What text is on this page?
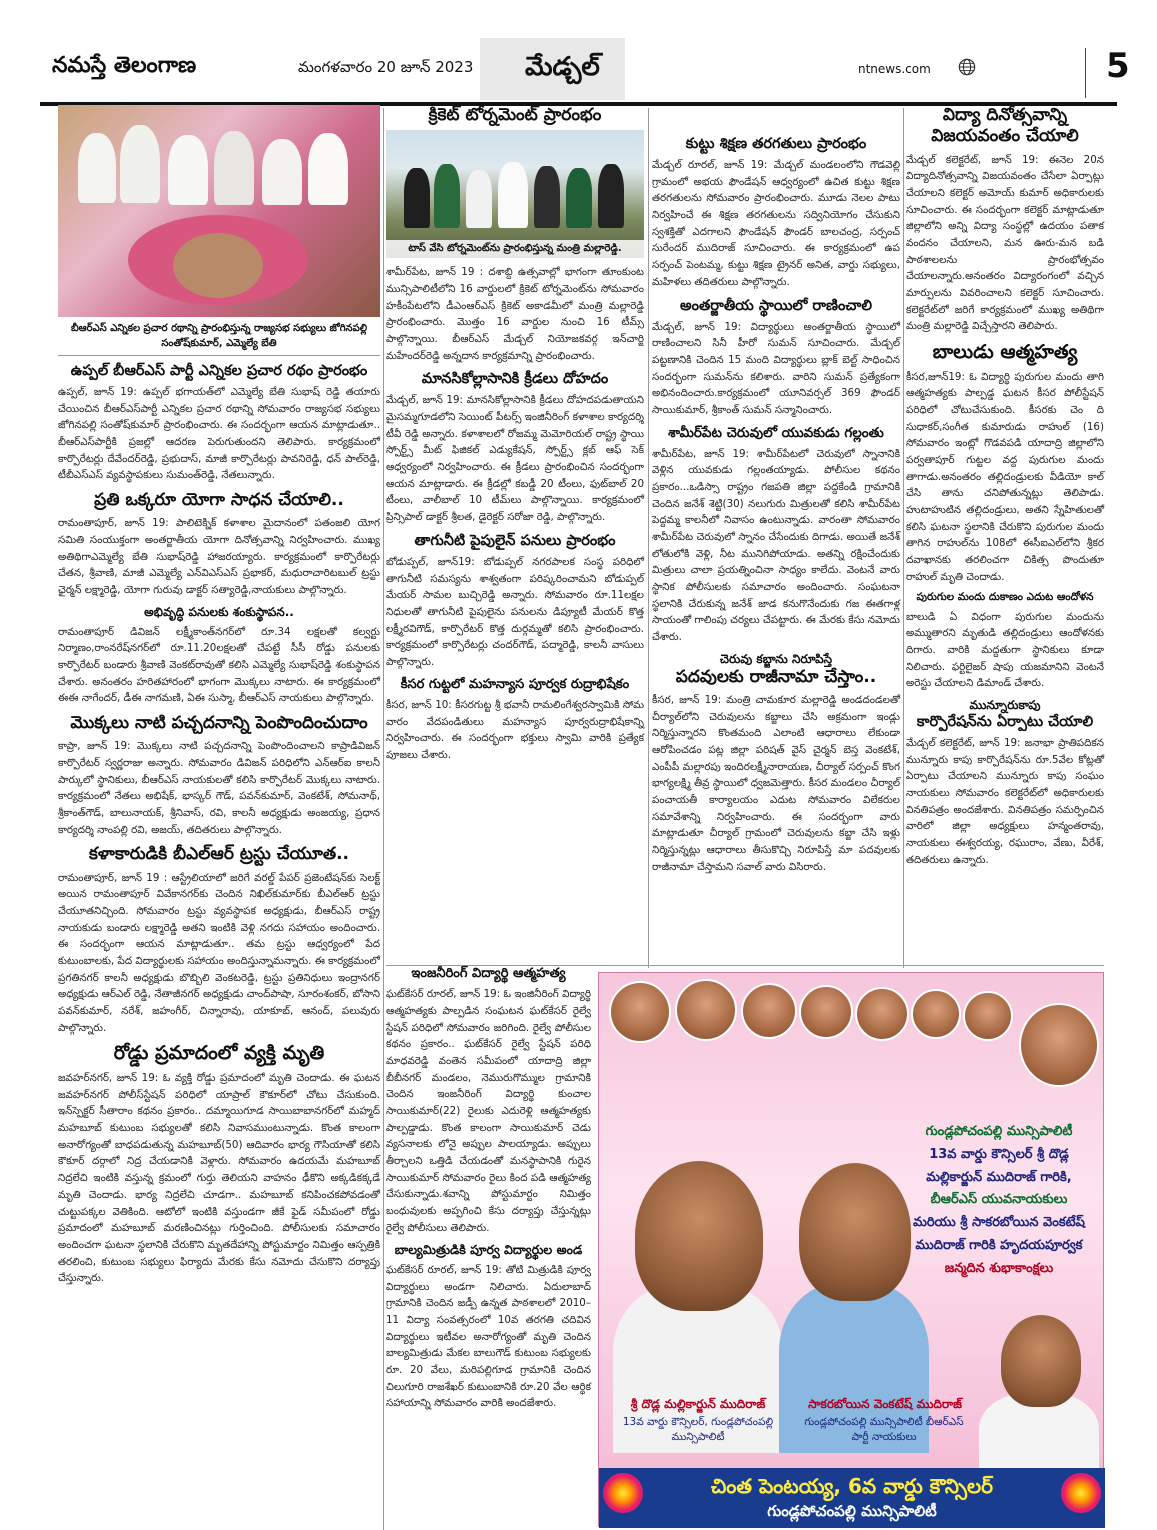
నమస్తే తెలంగాణ	మంగళవారం 20 జూన్ 2023 మేడ్చల్	ntnews.com	5
బీఆర్‌ఎస్ ఎన్నికల ప్రచార రథాన్ని ప్రారంభిస్తున్న రాజ్యసభ సభ్యులు జోగినపల్లి సంతోష్‌కుమార్, ఎమ్మెల్యే బేతి
ఉప్పల్ బీఆర్‌ఎస్ పార్టీ ఎన్నికల ప్రచార రథం ప్రారంభం
ఉప్పల్, జూన్ 19: ఉప్పల్ భగాయత్‌లో ఎమ్మెల్యే బేతి సుభాష్ రెడ్డి తయారు చేయించిన బీఆర్‌ఎస్‌పార్టీ ఎన్నికల ప్రచార రథాన్ని సోమవారం రాజ్యసభ సభ్యులు జోగినపల్లి సంతోష్‌కుమార్ ప్రారంభించారు. ఈ సందర్భంగా ఆయన మాట్లాడుతూ.. బీఆర్‌ఎస్‌పార్టీకి ప్రజల్లో ఆదరణ పెరుగుతుందని తెలిపారు. కార్యక్రమంలో కార్పొరేటర్లు దేవేందర్‌రెడ్డి, ప్రభుదాస్, మాజీ కార్పొరేటర్లు పావనిరెడ్డి, ధన్ పాల్‌రెడ్డి, టీబీఎస్‌ఎస్ వ్యవస్థాపకులు సుమంత్‌రెడ్డి, నేతలున్నారు.
ప్రతి ఒక్కరూ యోగా సాధన చేయాలి..
రామంతాపూర్, జూన్ 19: పాలిటెక్నిక్ కళాశాల మైదానంలో పతంజలి యోగ సమితి సంయుక్తంగా అంతర్జాతీయ యోగా దినోత్సవాన్ని నిర్వహించారు. ముఖ్య అతిథిగాఎమ్మెల్యే బేతి సుభాష్‌రెడ్డి హాజరయ్యారు. కార్యక్రమంలో కార్పొరేటర్లు చేతన, శ్రీవాణి, మాజీ ఎమ్మెల్యే ఎన్‌విఎస్‌ఎస్ ప్రభాకర్, మధురాచారిటబుల్ ట్రస్టు ఛైర్మన్ లక్ష్మారెడ్డి, యోగా గురువు డాక్టర్ సత్యారెడ్డి,నాయకులు పాల్గొన్నారు.
అభివృద్ధి పనులకు శంకుస్థాపన..
రామంతాపూర్ డివిజన్ లక్ష్మీకాంత్‌నగర్‌లో రూ.34 లక్షలతో కల్వర్టు నిర్మాణం,రాంనరేష్‌నగర్‌లో రూ.11.20లక్షలతో చేపట్టే సీసీ రోడ్డు పనులకు కార్పొరేటర్ బండారు శ్రీవాణి వెంకట్‌రావుతో కలిసి ఎమ్మెల్యే సుభాష్‌రెడ్డి శంకుస్థాపన చేశారు. అనంతరం హరితహారంలో భాగంగా మొక్కలు నాటారు. ఈ కార్యక్రమంలో ఈఈ నాగేందర్, డీఈ నాగమణి, ఏఈ సుస్మా, బీఆర్‌ఎస్ నాయకులు పాల్గొన్నారు.
మొక్కలు నాటి పచ్చదనాన్ని పెంపొందించుదాం
కాప్రా, జూన్ 19: మొక్కలు నాటి పచ్చదనాన్ని పెంపొందించాలని కాప్రాడివిజన్ కార్పొరేటర్ స్వర్ణరాజు అన్నారు. సోమవారం డివిజన్ పరిధిలోని ఎన్‌ఆర్‌ఐ కాలనీ పార్కులో స్థానికులు, బీఆర్‌ఎస్ నాయకులతో కలిసి కార్పొరేటర్ మొక్కలు నాటారు. కార్యక్రమంలో నేతలు అభిషేక్, భాస్కర్ గౌడ్, పవన్‌కుమార్, వెంకటేశ్, సోమనాథ్, శ్రీకాంత్‌గౌడ్, బాలునాయక్, శ్రీనివాస్, రవి, కాలనీ అధ్యక్షుడు అంజయ్య, ప్రధాన కార్యదర్శి నాంపల్లి రవి, అజయ్, తదితరులు పాల్గొన్నారు.
కళాకారుడికి బీఎల్ఆర్ ట్రస్టు చేయూత..
రామంతాపూర్, జూన్ 19 : ఆస్ట్రేలియాలో జరిగే వరల్డ్ పేపర్ ప్రజెంటేషన్‌కు సెలక్ట్ అయిన రామంతాపూర్ వివేకానగర్‌కు చెందిన నిఖిల్‌కుమార్‌కు బీఎల్ఆర్ ట్రస్టు చేయూతనిచ్చింది. సోమవారం ట్రస్టు వ్యవస్థాపక అధ్యక్షుడు, బీఆర్‌ఎస్ రాష్ట్ర నాయకుడు బండారు లక్ష్మారెడ్డి అతని ఇంటికి వెళ్లి నగదు సహాయం అందించారు. ఈ సందర్భంగా ఆయన మాట్లాడుతూ.. తమ ట్రస్టు ఆధ్వర్యంలో పేద కుటుంబాలకు, పేద విద్యార్థులకు సహాయం అందిస్తున్నామన్నారు. ఈ కార్యక్రమంలో ప్రగతినగర్ కాలనీ అధ్యక్షుడు బొబ్బిలి వెంకటరెడ్డి, ట్రస్టు ప్రతినిధులు ఇంద్రానగర్ అధ్యక్షుడు ఆర్ఎల్ రెడ్డి, నేతాజీనగర్ అధ్యక్షుడు చాంద్‌పాషా, సూరంశంకర్, బోసాని పవన్‌కుమార్, నరేశ్, జహంగీర్, చిన్నారావు, యాకూబ్, ఆనంద్, పలువురు పాల్గొన్నారు.
రోడ్డు ప్రమాదంలో వ్యక్తి మృతి
జవహర్‌నగర్, జూన్ 19: ఓ వ్యక్తి రోడ్డు ప్రమాదంలో మృతి చెందాడు. ఈ ఘటన జవహర్‌నగర్ పోలీస్‌స్టేషన్ పరిధిలో యాప్రాల్ కౌకూర్‌లో చోటు చేసుకుంది. ఇన్‌స్పెక్టర్ సీతారాం కథనం ప్రకారం.. దమ్మాయిగూడ సాయిబాబానగర్‌లో మహ్మద్ మహబూబ్ కుటుంబ సభ్యులతో కలిసి నివాసముంటున్నాడు. కొంత కాలంగా అనారోగ్యంతో బాధపడుతున్న మహబూబ్(50) ఆదివారం భార్య గౌసియాతో కలిసి కౌకూర్ దర్గాలో నిద్ర చేయడానికి వెళ్లారు. సోమవారం ఉదయమే మహబూబ్ నిద్రలేచి ఇంటికి వస్తున్న క్రమంలో గుర్తు తెలియని వాహనం ఢీకొని అక్కడికక్కడే మృతి చెందాడు. భార్య నిద్రలేచి చూడగా.. మహబూబ్ కనిపించకపోవడంతో చుట్టుపక్కల వెతికింది. ఆటోలో ఇంటికి వస్తుండగా జీకే ఫైడ్ సమీపంలో రోడ్డు ప్రమాదంలో మహబూబ్ మరణించినట్లు గుర్తించింది. పోలీసులకు సమాచారం అందించగా ఘటనా స్థలానికి చేరుకొని మృతదేహాన్ని పోస్టుమార్టం నిమిత్తం ఆస్పత్రికి తరలించి, కుటుంబ సభ్యులు ఫిర్యాదు మేరకు కేసు నమోదు చేసుకొని దర్యాప్తు చేస్తున్నారు.
క్రికెట్ టోర్నమెంట్ ప్రారంభం
టాస్ వేసి టోర్నమెంట్‌ను ప్రారంభిస్తున్న మంత్రి మల్లారెడ్డి.
శామీర్‌పేట, జూన్ 19 : దశాబ్ది ఉత్సవాల్లో భాగంగా తూంకుంట మున్సిపాలిటీలోని 16 వార్డులలో క్రికెట్ టోర్నమెంట్‌ను సోమవారం హకీంపేటలోని డీఎంఆర్‌ఎస్ క్రికెట్ అకాడమీలో మంత్రి మల్లారెడ్డి ప్రారంభించారు. మొత్తం 16 వార్డుల నుంచి 16 టీమ్స్ పాల్గొన్నాయి. బీఆర్‌ఎస్ మేడ్చల్ నియోజకవర్గ ఇన్‌చార్జి మహేందర్‌రెడ్డి అన్నదాన కార్యక్రమాన్ని ప్రారంభించారు.
మానసికోల్లాసానికి క్రీడలు దోహదం
మేడ్చల్, జూన్ 19: మానసికోల్లాసానికి క్రీడలు దోహదపడుతాయని మైసమ్మగూడలోని సెయింట్ పీటర్స్ ఇంజినీరింగ్ కళాశాల కార్యదర్శి టీవీ రెడ్డి అన్నారు. కళాశాలలో రోజమ్మ మెమోరియల్ రాష్ట్ర స్థాయి స్పోర్ట్స్ మీట్ ఫిజికల్ ఎడ్యుకేషన్, స్పోర్ట్స్ క్లబ్ ఆఫ్ సెక్ ఆధ్వర్యంలో నిర్వహించారు. ఈ క్రీడలు ప్రారంభించిన సందర్భంగా ఆయన మాట్లాడారు. ఈ క్రీడల్లో కబడ్డీ 20 టీంలు, ఫుట్‌బాల్ 20 టీంలు, వాలీబాల్ 10 టీమ్‌లు పాల్గొన్నాయి. కార్యక్రమంలో ప్రిన్సిపాల్ డాక్టర్ శ్రీలత, డైరెక్టర్ సరోజా రెడ్డి, పాల్గొన్నారు.
తాగునీటి పైపులైన్ పనులు ప్రారంభం
బోడుప్పల్, జూన్19: బోడుప్పల్ నగరపాలక సంస్థ పరిధిలో తాగునీటి సమస్యను శాశ్వతంగా పరిష్కరించామని బోడుప్పల్ మేయర్ సామల బుచ్చిరెడ్డి అన్నారు. సోమవారం రూ.11లక్షల నిధులతో తాగునీటి పైపులైను పనులను డిప్యూటీ మేయర్ కొత్త లక్ష్మీరవిగౌడ్, కార్పొరేటర్ కొత్త దుర్గమ్మతో కలిసి ప్రారంభించారు. కార్యక్రమంలో కార్పొరేటర్లు చందర్‌గౌడ్, పద్మారెడ్డి, కాలనీ వాసులు పాల్గొన్నారు.
కీసర గుట్టలో మహన్యాస పూర్వక రుద్రాభిషేకం
కీసర, జూన్ 10: కీసరగుట్ట శ్రీ భవానీ రామలింగేశ్వరస్వామికి సోమ వారం వేదపండితులు మహన్యాస పూర్వరుద్రాభిషేకాన్ని నిర్వహించారు. ఈ సందర్భంగా భక్తులు స్వామి వారికి ప్రత్యేక పూజలు చేశారు.
కుట్టు శిక్షణ తరగతులు ప్రారంభం
మేడ్చల్ రూరల్, జూన్ 19: మేడ్చల్ మండలంలోని గౌడవెల్లి గ్రామంలో అభయ ఫౌండేషన్ ఆధ్వర్యంలో ఉచిత కుట్టు శిక్షణ తరగతులను సోమవారం ప్రారంభించారు. మూడు నెలల పాటు నిర్వహించే ఈ శిక్షణ తరగతులను సద్వినియోగం చేసుకుని స్వశక్తితో ఎదగాలని ఫౌండేషన్ ఫౌండర్ బాలచంద్ర, సర్పంచ్ సురేందర్ ముదిరాజ్ సూచించారు. ఈ కార్యక్రమంలో ఉప సర్పంచ్ పెంటమ్మ, కుట్టు శిక్షణ ట్రైనర్ అనిత, వార్డు సభ్యులు, మహిళలు తదితరులు పాల్గొన్నారు.
అంతర్జాతీయ స్థాయిలో రాణించాలి
మేడ్చల్, జూన్ 19: విద్యార్థులు అంతర్జాతీయ స్థాయిలో రాణించాలని సినీ హీరో సుమన్ సూచించారు. మేడ్చల్ పట్టణానికి చెందిన 15 మంది విద్యార్థులు బ్లాక్ బెల్ట్ సాధించిన సందర్భంగా సుమన్‌ను కలిశారు. వారిని సుమన్ ప్రత్యేకంగా అభినందించారు.కార్యక్రమంలో యూనివర్సల్ 369 ఫౌండర్ సాయికుమార్, శ్రీకాంత్ సుమన్ సన్మానించారు.
శామీర్‌పేట చెరువులో యువకుడు గల్లంతు
శామీర్‌పేట, జూన్ 19: శామీర్‌పేటలో చెరువులో స్నానానికి వెళ్లిన యువకుడు గల్లంతయ్యాడు. పోలీసుల కథనం ప్రకారం...ఒడిస్సా రాష్ట్రం గజపతి జిల్లా పద్దకేండి గ్రామానికి చెందిన జనేశ్ శెట్టి(30) నలుగురు మిత్రులతో కలిసి శామీర్‌పేట పెద్దమ్మ కాలనీలో నివాసం ఉంటున్నాడు. వారంతా సోమవారం శామీర్‌పేట చెరువులో స్నానం చేసేందుకు దిగాడు. అయితే జనేశ్ లోతులోకి వెళ్లి, నీట మునిగిపోయాడు. అతన్ని రక్షించేందుకు మిత్రులు చాలా ప్రయత్నించినా సాధ్యం కాలేదు. వెంటనే వారు స్థానిక పోలీసులకు సమాచారం అందించారు. సంఘటనా స్థలానికి చేరుకున్న జనేశ్ జాడ కనుగొనేందుకు గజ ఈతగాళ్ల సాయంతో గాలింపు చర్యలు చేపట్టారు. ఈ మేరకు కేసు నమోదు చేశారు.
చెరువు కబ్జాను నిరూపిస్తే
పదవులకు రాజీనామా చేస్తాం..
కీసర, జూన్ 19: మంత్రి చామకూర మల్లారెడ్డి అండదండలతో చీర్యాల్‌లోని చెరువులను కబ్జాలు చేసి అక్రమంగా ఇండ్లు నిర్మిస్తున్నారని కొంతమంది ఎలాంటి ఆధారాలు లేకుండా ఆరోపించడం పట్ల జిల్లా పరిషత్ వైస్ చైర్మన్ బెస్త వెంకటేశ్, ఎంపీపీ మల్లారపు ఇందిరలక్ష్మీనారాయణ, చీర్యాల్ సర్పంచ్ కొంగ భాగ్యలక్ష్మి తీవ్ర స్థాయిలో ధ్వజమెత్తారు. కీసర మండలం చీర్యాల్ పంచాయతీ కార్యాలయం ఎదుట సోమవారం విలేకరుల సమావేశాన్ని నిర్వహించారు. ఈ సందర్భంగా వారు మాట్లాడుతూ చీర్యాల్ గ్రామంలో చెరువులను కబ్జా చేసి ఇళ్లు నిర్మిస్తున్నట్లు ఆధారాలు తీసుకొచ్చి నిరూపిస్తే మా పదవులకు రాజీనామా చేస్తామని సవాల్ వారు విసిరారు.
విద్యా దినోత్సవాన్ని విజయవంతం చేయాలి
మేడ్చల్ కలెక్టరేట్, జూన్ 19: ఈనెల 20న విద్యాదినోత్సవాన్ని విజయవంతం చేసేలా ఏర్పాట్లు చేయాలని కలెక్టర్ అమోయ్ కుమార్ అధికారులకు సూచించారు. ఈ సందర్భంగా కలెక్టర్ మాట్లాడుతూ జిల్లాలోని అన్ని విద్యా సంస్థల్లో ఉదయం పతాక వందనం చేయాలని, మన ఊరు-మన బడి పాఠశాలలను ప్రారంభోత్సవం చేయాలన్నారు.అనంతరం విద్యారంగంలో వచ్చిన మార్పులను వివరించాలని కలెక్టర్ సూచించారు. కలెక్టరేట్‌లో జరిగే కార్యక్రమంలో ముఖ్య అతిథిగా మంత్రి మల్లారెడ్డి విచ్చేస్తారని తెలిపారు.
బాలుడు ఆత్మహత్య
కీసర,జూన్19: ఓ విద్యార్థి పురుగుల మందు తాగి ఆత్మహత్యకు పాల్పడ్డ ఘటన కీసర పోలీస్టేషన్ పరిధిలో చోటుచేసుకుంది. కీసరకు చెం ది సుధాకర్,సంగీత కుమారుడు రాహుల్ (16) సోమవారం ఇంట్లో గొడవపడి యాదాద్రి జిల్లాలోని పర్వతాపూర్ గుట్టల వద్ద పురుగుల మందు తాగాడు.అనంతరం తల్లిదండ్రులకు వీడియో కాల్ చేసి తాను చనిపోతున్నట్లు తెలిపాడు. హుటాహుటిన తల్లిదండ్రులు, అతని స్నేహితులతో కలిసి ఘటనా స్థలానికి చేరుకొని పురుగుల మందు తాగిన రాహుల్‌ను 108లో ఈసీఐఎల్‌లోని శ్రీకర దవాఖానకు తరలించగా చికిత్స పొందుతూ రాహుల్ మృతి చెందాడు.
పురుగుల మందు దుకాణం ఎదుట ఆందోళన
బాలుడి ఏ విధంగా పురుగుల మందును అమ్ముతారని మృతుడి తల్లిదండ్రులు ఆందోళనకు దిగారు. వారికి మద్దతుగా స్థానికులు కూడా నిలిచారు. ఫర్టిలైజర్ షాపు యజమానిని వెంటనే అరెస్టు చేయాలని డిమాండ్ చేశారు.
మున్నూరుకాపు
కార్పొరేషన్‌ను ఏర్పాటు చేయాలి
మేడ్చల్ కలెక్టరేట్, జూన్ 19: జనాభా ప్రాతిపదికన మున్నూరు కాపు కార్పొరేషన్‌ను రూ.5వేల కోట్లతో ఏర్పాటు చేయాలని మున్నూరు కాపు సంఘం నాయకులు సోమవారం కలెక్టరేట్‌లో అధికారులకు వినతిపత్రం అందజేశారు. వినతిపత్రం సమర్పించిన వారిలో జిల్లా అధ్యక్షులు హన్మంతరావు, నాయకులు ఈశ్వరయ్య, రఘురాం, వేణు, వీరేశ్, తదితరులు ఉన్నారు.
ఇంజనీరింగ్ విద్యార్థి ఆత్మహత్య
ఘట్‌కేసర్ రూరల్, జూన్ 19: ఓ ఇంజినీరింగ్ విద్యార్థి ఆత్మహత్యకు పాల్పడిన సంఘటన ఘట్‌కేసర్ రైల్వే స్టేషన్ పరిధిలో సోమవారం జరిగింది. రైల్వే పోలీసుల కథనం ప్రకారం.. ఘట్‌కేసర్ రైల్వే స్టేషన్ పరిధి మాధవరెడ్డి వంతెన సమీపంలో యాదాద్రి జిల్లా బీబీనగర్ మండలం, నెమురుగొమ్ముల గ్రామానికి చెందిన ఇంజనీరింగ్ విద్యార్థి కుంచాల సాయికుమార్(22) రైలుకు ఎదురెళ్లి ఆత్మహత్యకు పాల్పడ్డాడు. కొంత కాలంగా సాయికుమార్ చెడు వ్యసనాలకు లోనై అప్పుల పాలయ్యాడు. అప్పులు తీర్చాలని ఒత్తిడి చేయడంతో మనస్థాపానికి గురైన సాయికుమార్ సోమవారం రైలు కింద పడి ఆత్మహత్య చేసుకున్నాడు.శవాన్ని పోస్టుమార్టం నిమిత్తం బంధువులకు అప్పగించి కేసు దర్యాప్తు చేస్తున్నట్లు రైల్వే పోలీసులు తెలిపారు.
బాల్యమిత్రుడికి పూర్వ విద్యార్థుల అండ
ఘట్‌కేసర్ రూరల్, జూన్ 19: తోటి మిత్రుడికి పూర్వ విద్యార్థులు అండగా నిలిచారు. ఏదులాబాద్ గ్రామానికి చెందిన జడ్పీ ఉన్నత పాఠశాలలో 2010–11 విద్యా సంవత్సరంలో 10వ తరగతి చదివిన విద్యార్థులు ఇటీవల అనారోగ్యంతో మృతి చెందిన బాల్యమిత్రుడు మేకల బాలుగౌడ్ కుటుంబ సభ్యులకు రూ. 20 వేలు, మరిపల్లిగూడ గ్రామానికి చెందిన చిలుగూరి రాజశేఖర్ కుటుంబానికి రూ.20 వేల ఆర్థిక సహాయాన్ని సోమవారం వారికి అందజేశారు.
గుండ్లపోచంపల్లి మున్సిపాలిటీ
13వ వార్డు కౌన్సిలర్ శ్రీ దొడ్ల
మల్లికార్జున్ ముదిరాజ్ గారికి,
బీఆర్‌ఎస్ యువనాయకులు
మరియు శ్రీ సాకరబోయిన వెంకటేష్
ముదిరాజ్ గారికి హృదయపూర్వక
జన్మదిన శుభాకాంక్షలు
శ్రీ దొడ్ల మల్లికార్జున్ ముదిరాజ్
13వ వార్డు కౌన్సిలర్, గుండ్లపోచంపల్లి మున్సిపాలిటీ
సాకరబోయిన వెంకటేష్ ముదిరాజ్
గుండ్లపోచంపల్లి మున్సిపాలిటీ బీఆర్‌ఎస్ పార్టీ నాయకులు
చింత పెంటయ్య, 6వ వార్డు కౌన్సిలర్
గుండ్లపోచంపల్లి మున్సిపాలిటీ
